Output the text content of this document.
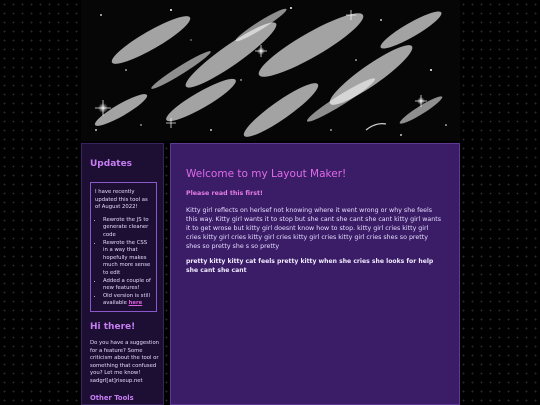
Updates

I have recently updated this tool as of August 2022!

• Rewrote the JS to generate cleaner code
• Rewrote the CSS in a way that hopefully makes much more sense to edit
• Added a couple of new features!
• Old version is still available here
Hi there!
Do you have a suggestion for a feature? Some criticism about the tool or something that confused you? Let me know! sadgrl[at]riseup.net
Other Tools
Welcome to my Layout Maker!
Please read this first!
Kitty girl reflects on herlsef not knowing where it went wrong or why she feels this way. Kitty girl wants it to stop but she cant she cant she cant kitty girl wants it to get wrose but kitty girl doesnt know how to stop. kitty girl cries kitty girl cries kitty girl cries kitty girl cries kitty girl cries kitty girl cries shes so pretty shes so pretty she s so pretty
pretty kitty kitty cat feels pretty kitty when she cries she looks for help she cant she cant
